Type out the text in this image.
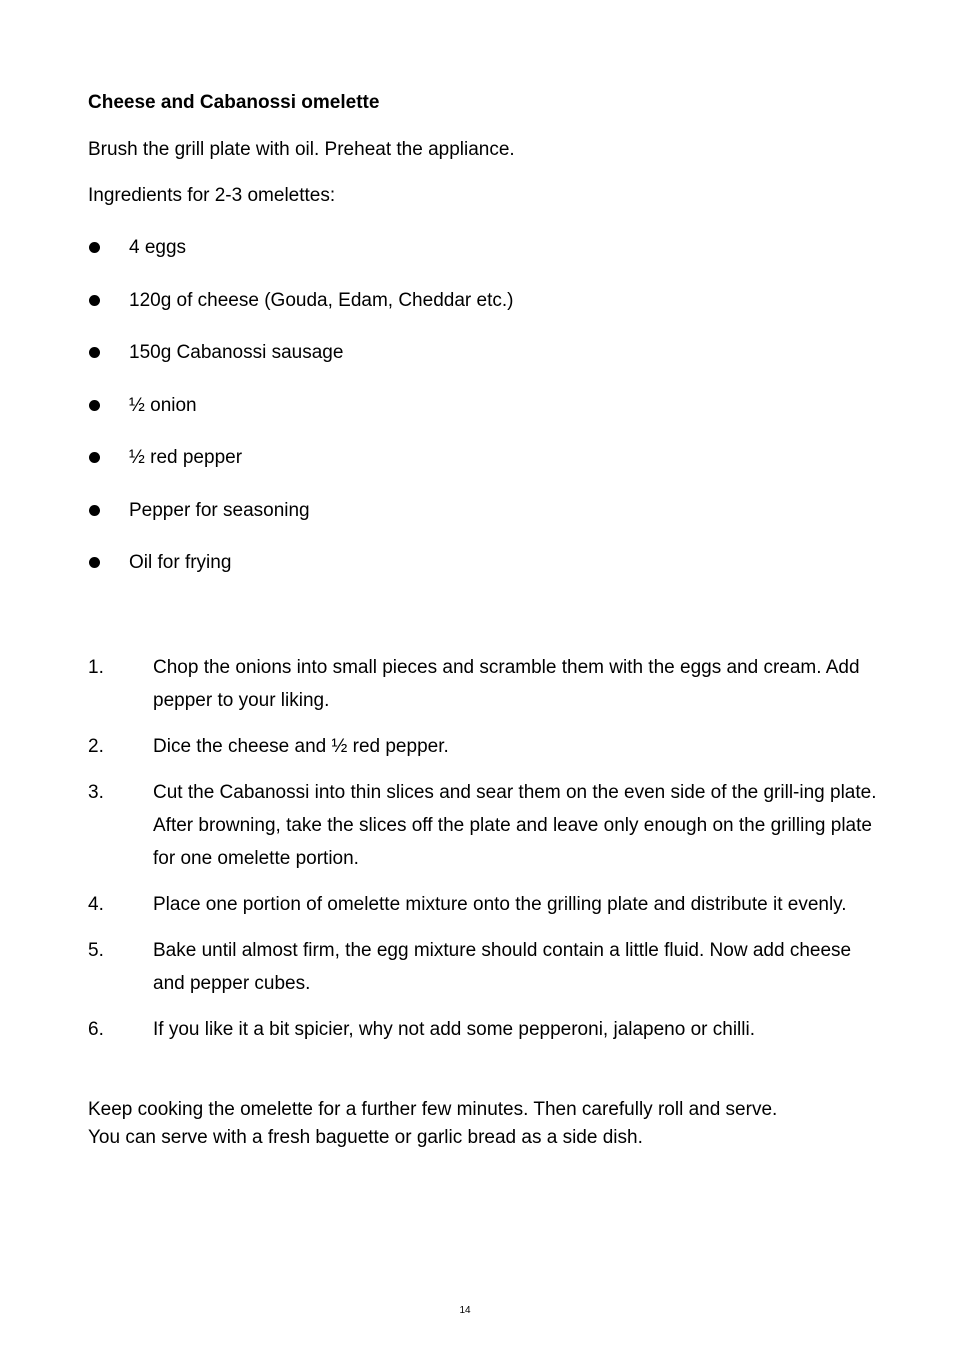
Cheese and Cabanossi omelette
Brush the grill plate with oil. Preheat the appliance.
Ingredients for 2-3 omelettes:
4 eggs
120g of cheese (Gouda, Edam, Cheddar etc.)
150g Cabanossi sausage
½ onion
½ red pepper
Pepper for seasoning
Oil for frying
1.	Chop the onions into small pieces and scramble them with the eggs and cream. Add pepper to your liking.
2.	Dice the cheese and ½ red pepper.
3.	Cut the Cabanossi into thin slices and sear them on the even side of the grill-ing plate. After browning, take the slices off the plate and leave only enough on the grilling plate for one omelette portion.
4.	Place one portion of omelette mixture onto the grilling plate and distribute it evenly.
5.	Bake until almost firm, the egg mixture should contain a little fluid. Now add cheese and pepper cubes.
6.	If you like it a bit spicier, why not add some pepperoni, jalapeno or chilli.
Keep cooking the omelette for a further few minutes. Then carefully roll and serve.
You can serve with a fresh baguette or garlic bread as a side dish.
14
